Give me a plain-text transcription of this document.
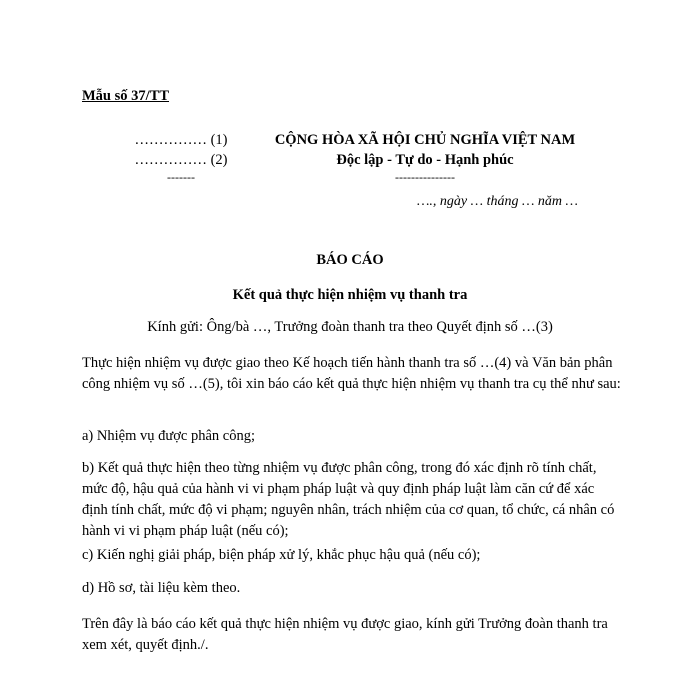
Mẫu số 37/TT
…………… (1)
…………… (2)
-------
CỘNG HÒA XÃ HỘI CHỦ NGHĨA VIỆT NAM
Độc lập - Tự do - Hạnh phúc
---------------
…., ngày … tháng … năm …
BÁO CÁO
Kết quả thực hiện nhiệm vụ thanh tra
Kính gửi: Ông/bà …, Trưởng đoàn thanh tra theo Quyết định số …(3)
Thực hiện nhiệm vụ được giao theo Kế hoạch tiến hành thanh tra số …(4) và Văn bản phân công nhiệm vụ số …(5), tôi xin báo cáo kết quả thực hiện nhiệm vụ thanh tra cụ thể như sau:
a) Nhiệm vụ được phân công;
b) Kết quả thực hiện theo từng nhiệm vụ được phân công, trong đó xác định rõ tính chất, mức độ, hậu quả của hành vi vi phạm pháp luật và quy định pháp luật làm căn cứ để xác định tính chất, mức độ vi phạm; nguyên nhân, trách nhiệm của cơ quan, tổ chức, cá nhân có hành vi vi phạm pháp luật (nếu có);
c) Kiến nghị giải pháp, biện pháp xử lý, khắc phục hậu quả (nếu có);
d) Hồ sơ, tài liệu kèm theo.
Trên đây là báo cáo kết quả thực hiện nhiệm vụ được giao, kính gửi Trưởng đoàn thanh tra xem xét, quyết định./.
